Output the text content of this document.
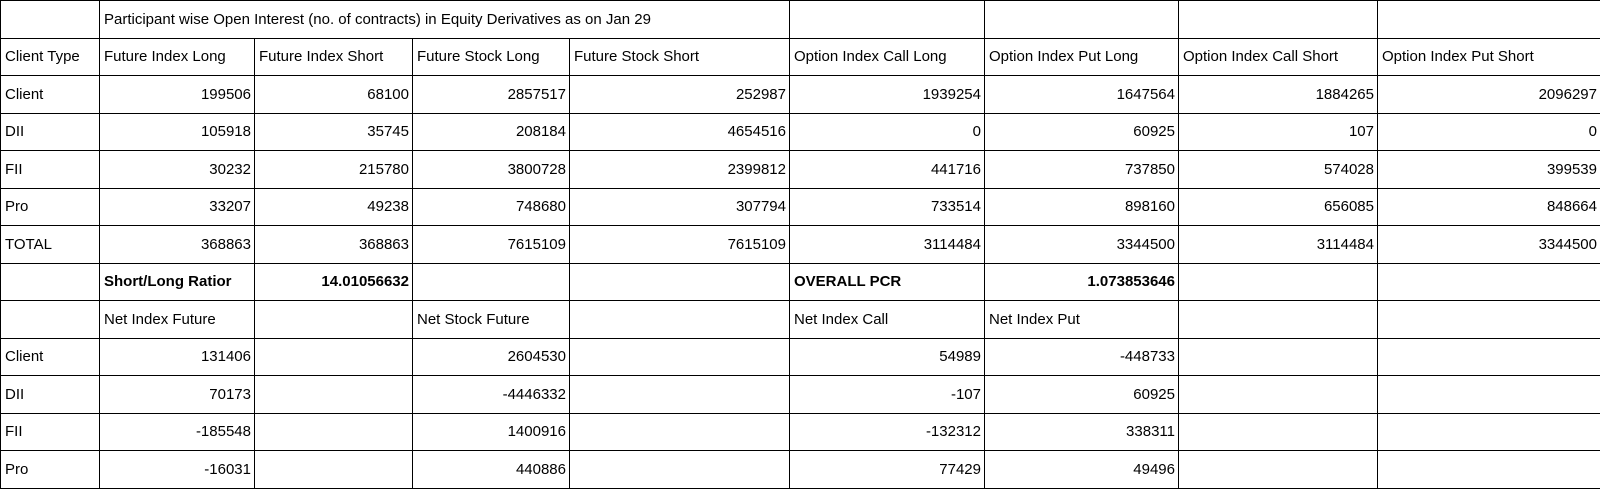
	Participant wise Open Interest (no. of contracts) in Equity Derivatives as on Jan 29							
Client Type	Future Index Long	Future Index Short	Future Stock Long	Future Stock Short	Option Index Call Long	Option Index Put Long	Option Index Call Short	Option Index Put Short
Client	199506	68100	2857517	252987	1939254	1647564	1884265	2096297
DII	105918	35745	208184	4654516	0	60925	107	0
FII	30232	215780	3800728	2399812	441716	737850	574028	399539
Pro	33207	49238	748680	307794	733514	898160	656085	848664
TOTAL	368863	368863	7615109	7615109	3114484	3344500	3114484	3344500
	Short/Long Ratior	14.01056632			OVERALL PCR	1.073853646		
	Net Index Future		Net Stock Future		Net Index Call	Net Index Put		
Client	131406		2604530		54989	-448733		
DII	70173		-4446332		-107	60925		
FII	-185548		1400916		-132312	338311		
Pro	-16031		440886		77429	49496		
